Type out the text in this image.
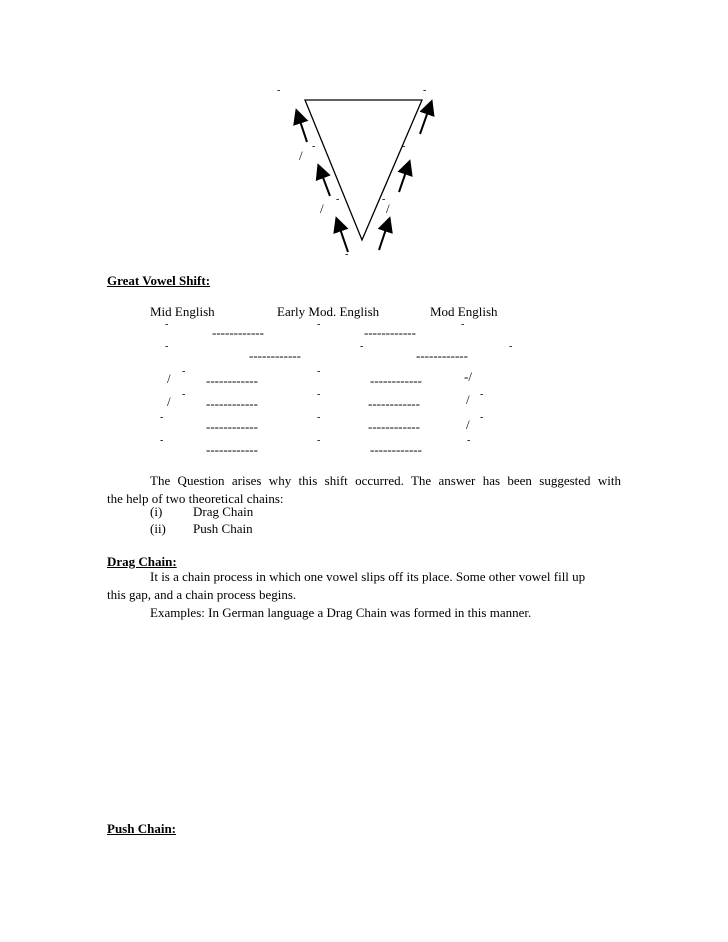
-	-
-
/
-
-
/
-
/
-
Great Vowel Shift:
Mid English	Early Mod. English	Mod English
-
------------
-
------------
-
-
------------
-
------------
-
/ -
------------
-
------------	-/
/ -
------------
-
------------	/ -
-
------------
-
------------	/ -
-
------------
-
------------
-
The Question arises why this shift occurred. The answer has been suggested with
the help of two theoretical chains:
(i) Drag Chain
(ii) Push Chain
Drag Chain:
It is a chain process in which one vowel slips off its place. Some other vowel fill up
this gap, and a chain process begins.
Examples: In German language a Drag Chain was formed in this manner.
Push Chain:
